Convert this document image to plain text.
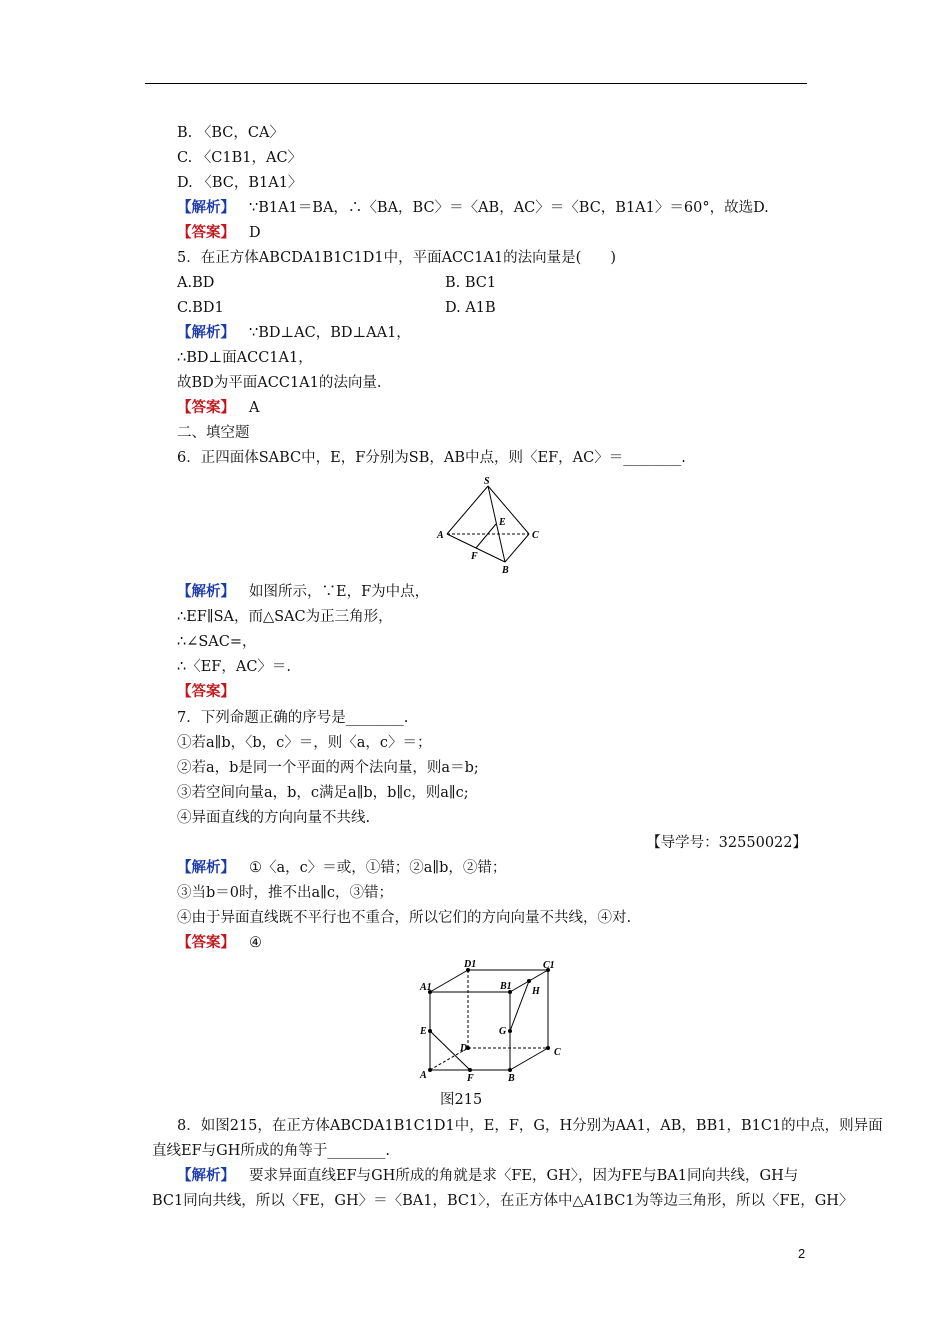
B. 〈BC，CA〉
C. 〈C1B1，AC〉
D. 〈BC，B1A1〉
【解析】 ∵B1A1＝BA，∴〈BA，BC〉＝〈AB，AC〉＝〈BC，B1A1〉＝60°，故选D.
【答案】 D
5．在正方体ABCDA1B1C1D1中，平面ACC1A1的法向量是(　　)
A.BD	B. BC1
C.BD1	D. A1B
【解析】 ∵BD⊥AC，BD⊥AA1，
∴BD⊥面ACC1A1，
故BD为平面ACC1A1的法向量.
【答案】 A
二、填空题
6．正四面体SABC中，E，F分别为SB，AB中点，则〈EF，AC〉＝________.
S
A	C
B
E
F
【解析】 如图所示，∵E，F为中点，
∴EF∥SA，而△SAC为正三角形，
∴∠SAC=，
∴〈EF，AC〉＝.
【答案】
7．下列命题正确的序号是________.
①若a∥b，〈b，c〉＝，则〈a，c〉＝；
②若a，b是同一个平面的两个法向量，则a＝b;
③若空间向量a，b，c满足a∥b，b∥c，则a∥c;
④异面直线的方向向量不共线.
【导学号：32550022】
【解析】 ①〈a，c〉＝或，①错；②a∥b，②错；
③当b＝0时，推不出a∥c，③错；
④由于异面直线既不平行也不重合，所以它们的方向向量不共线，④对.
【答案】 ④
A1
D1
B1
C1
H
E	G
D	C
A	F	B
图215
8．如图215，在正方体ABCDA1B1C1D1中，E，F，G，H分别为AA1，AB，BB1，B1C1的中点，则异面
直线EF与GH所成的角等于________.
【解析】 要求异面直线EF与GH所成的角就是求〈FE，GH〉，因为FE与BA1同向共线，GH与
BC1同向共线，所以〈FE，GH〉＝〈BA1，BC1〉，在正方体中△A1BC1为等边三角形，所以〈FE，GH〉
2
